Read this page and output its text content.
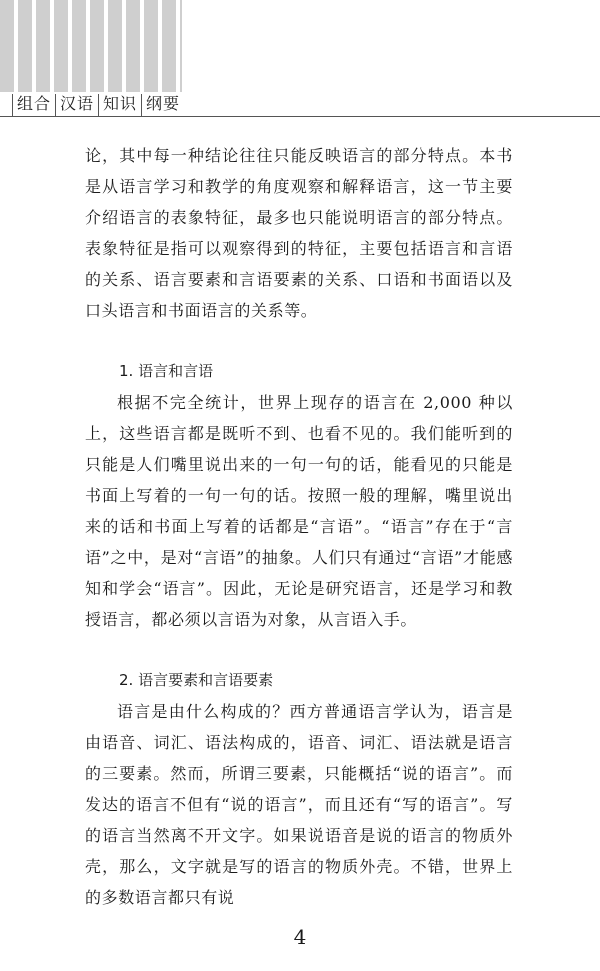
组合 汉语 知识 纲要

论，其中每一种结论往往只能反映语言的部分特点。本书是从语言学习和教学的角度观察和解释语言，这一节主要介绍语言的表象特征，最多也只能说明语言的部分特点。表象特征是指可以观察得到的特征，主要包括语言和言语的关系、语言要素和言语要素的关系、口语和书面语以及口头语言和书面语言的关系等。

1. 语言和言语

根据不完全统计，世界上现存的语言在 2,000 种以上，这些语言都是既听不到、也看不见的。我们能听到的只能是人们嘴里说出来的一句一句的话，能看见的只能是书面上写着的一句一句的话。按照一般的理解，嘴里说出来的话和书面上写着的话都是“言语”。“语言”存在于“言语”之中，是对“言语”的抽象。人们只有通过“言语”才能感知和学会“语言”。因此，无论是研究语言，还是学习和教授语言，都必须以言语为对象，从言语入手。

2. 语言要素和言语要素

语言是由什么构成的？西方普通语言学认为，语言是由语音、词汇、语法构成的，语音、词汇、语法就是语言的三要素。然而，所谓三要素，只能概括“说的语言”。而发达的语言不但有“说的语言”，而且还有“写的语言”。写的语言当然离不开文字。如果说语音是说的语言的物质外壳，那么，文字就是写的语言的物质外壳。不错，世界上的多数语言都只有说

4
